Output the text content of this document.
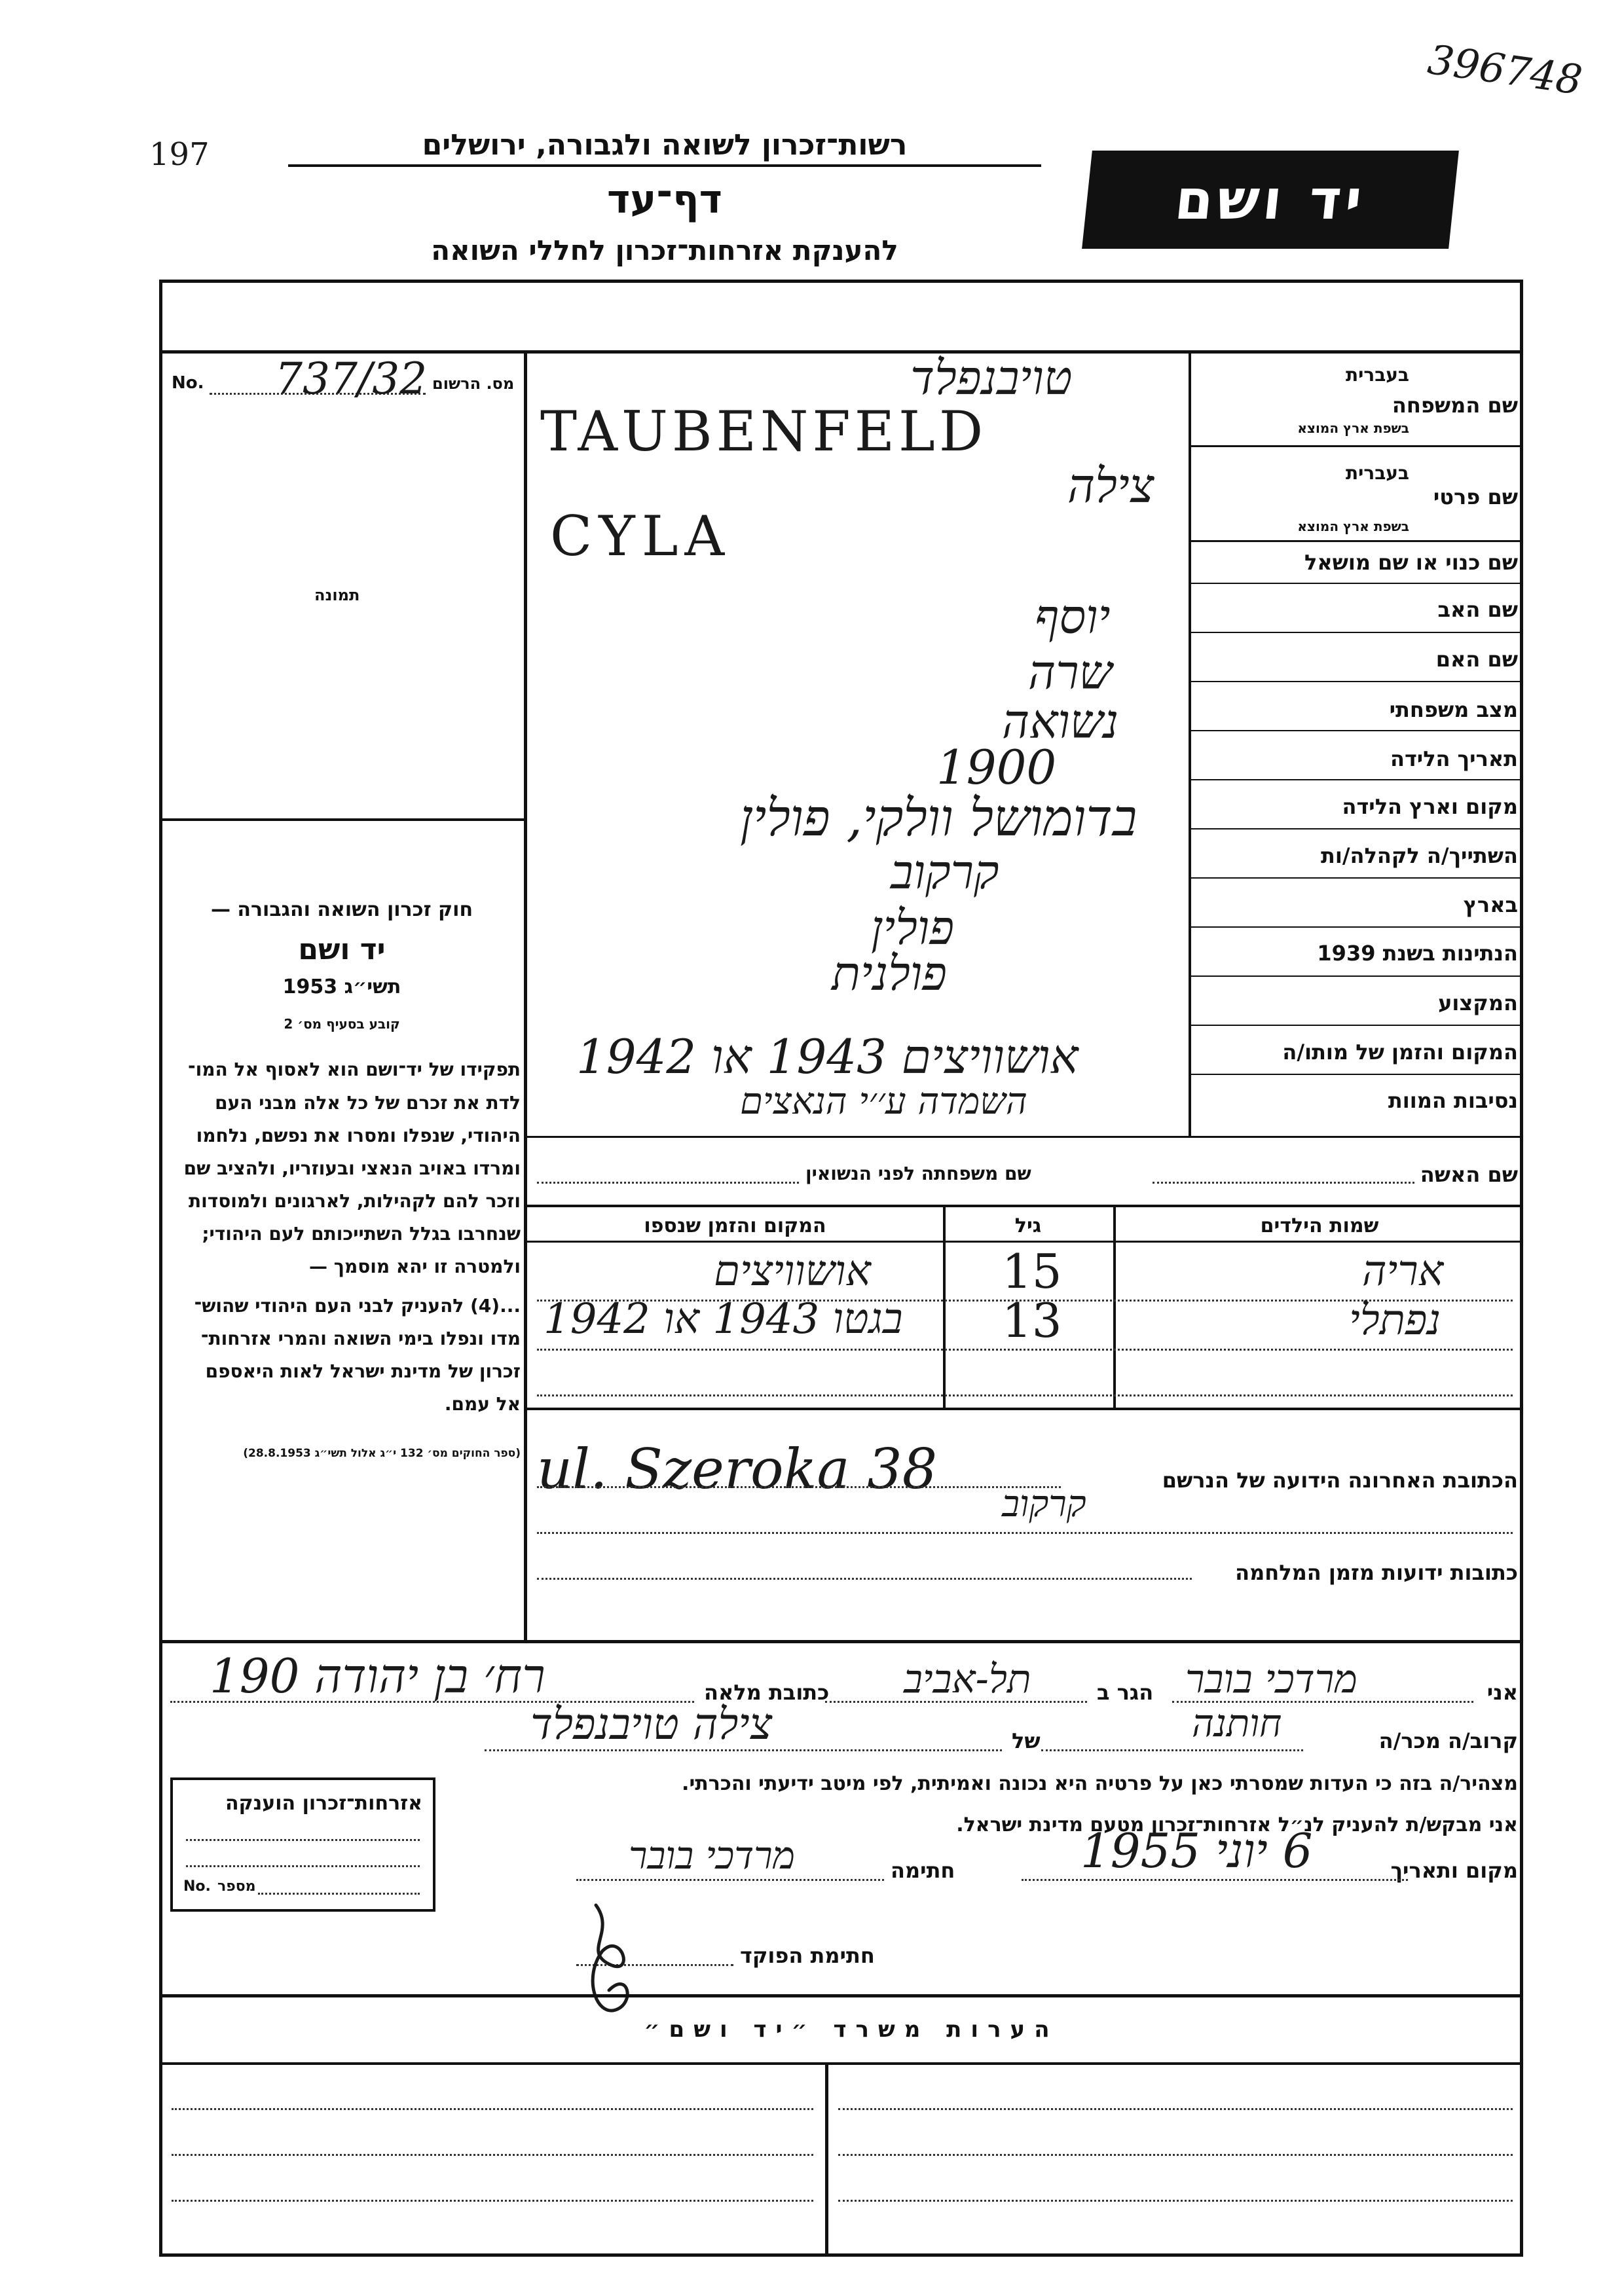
396748
197	רשות־זכרון לשואה ולגבורה, ירושלים
דף־עד
להענקת אזרחות־זכרון לחללי השואה
יד ושם
No. 737/32 מס. הרשום
תמונה
חוק זכרון השואה והגבורה —
יד ושם
תשי״ג 1953
קובע בסעיף מס׳ 2
תפקידו של יד־ושם הוא לאסוף אל המו־
לדת את זכרם של כל אלה מבני העם
היהודי, שנפלו ומסרו את נפשם, נלחמו
ומרדו באויב הנאצי ובעוזריו, ולהציב שם
וזכר להם לקהילות, לארגונים ולמוסדות
שנחרבו בגלל השתייכותם לעם היהודי;
ולמטרה זו יהא מוסמך —
...(4) להעניק לבני העם היהודי שהוש־
מדו ונפלו בימי השואה והמרי אזרחות־
זכרון של מדינת ישראל לאות היאספם
אל עמם.
(ספר החוקים מס׳ 132 י״ג אלול תשי״ג 28.8.1953)
שם המשפחה
בעברית
בשפת ארץ המוצא
שם פרטי
בעברית
בשפת ארץ המוצא
שם כנוי או שם מושאל
שם האב
שם האם
מצב משפחתי
תאריך הלידה
מקום וארץ הלידה
השתייך/ה לקהלה/ות
בארץ
הנתינות בשנת 1939
המקצוע
המקום והזמן של מותו/ה
נסיבות המוות
טויבנפלד
TAUBENFELD
צילה
CYLA
יוסף
שרה
נשואה
1900
בדומושל וולקי, פולין
קרקוב
פולין
פולנית
אושוויצים 1943 או 1942
השמדה ע׳׳י הנאצים
שם האשה
שם משפחתה לפני הנשואין
שמות הילדים
גיל
המקום והזמן שנספו
אריה
15
אושוויצים
נפתלי
13
בגטו 1943 או 1942
הכתובת האחרונה הידועה של הנרשם
ul. Szeroka 38
קרקוב
כתובות ידועות מזמן המלחמה
אני
מרדכי בובר
הגר ב
תל-אביב
כתובת מלאה
רח׳ בן יהודה 190
קרוב/ה מכר/ה
חותנה
של
צילה טויבנפלד
מצהיר/ה בזה כי העדות שמסרתי כאן על פרטיה היא נכונה ואמיתית, לפי מיטב ידיעתי והכרתי.
אני מבקש/ת להעניק לנ״ל אזרחות־זכרון מטעם מדינת ישראל.
מקום ותאריך
6 יוני 1955
חתימה
מרדכי בובר
חתימת הפוקד
אזרחות־זכרון הוענקה
No. מספר
הערות משרד ״יד ושם״
